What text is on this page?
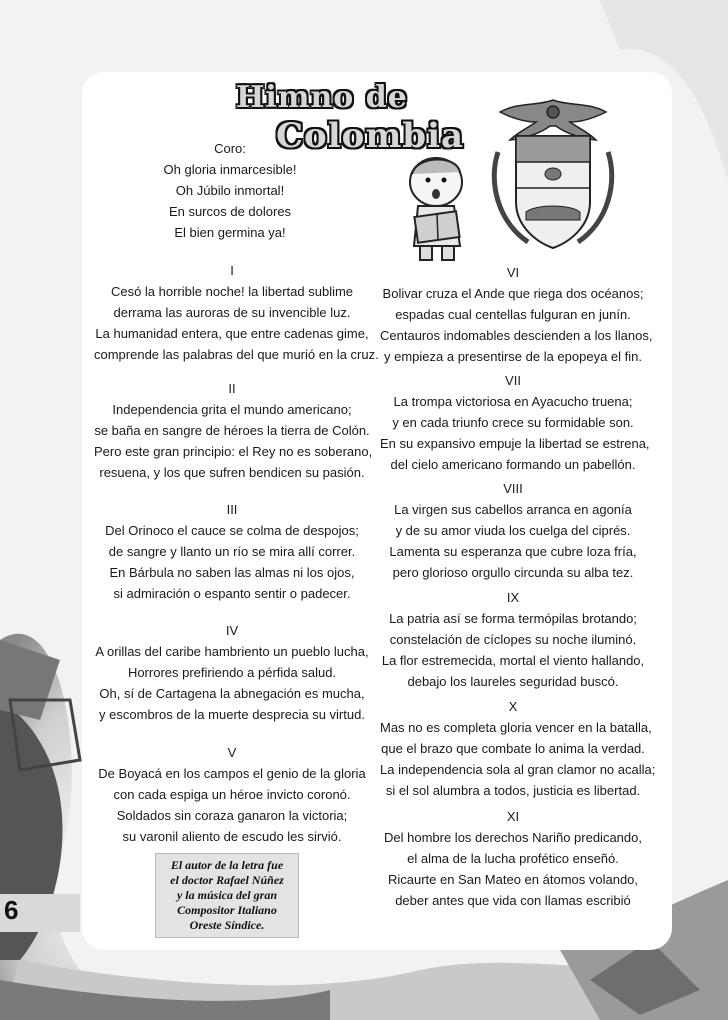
Himno de
Colombia
Coro:
Oh gloria inmarcesible!
Oh Júbilo inmortal!
En surcos de dolores
El bien germina ya!
I
Cesó la horrible noche! la libertad sublime
derrama las auroras de su invencible luz.
La humanidad entera, que entre cadenas gime,
comprende las palabras del que murió en la cruz.
II
Independencia grita el mundo americano;
se baña en sangre de héroes la tierra de Colón.
Pero este gran principio: el Rey no es soberano,
resuena, y los que sufren bendicen su pasión.
III
Del Orinoco el cauce se colma de despojos;
de sangre y llanto un río se mira allí correr.
En Bárbula no saben las almas ni los ojos,
si admiración o espanto sentir o padecer.
IV
A orillas del caribe hambriento un pueblo lucha,
Horrores prefiriendo a pérfida salud.
Oh, sí de Cartagena la abnegación es mucha,
y escombros de la muerte desprecia su virtud.
V
De Boyacá en los campos el genio de la gloria
con cada espiga un héroe invicto coronó.
Soldados sin coraza ganaron la victoria;
su varonil aliento de escudo les sirvió.
VI
Bolivar cruza el Ande que riega dos océanos;
espadas cual centellas fulguran en junín.
Centauros indomables descienden a los llanos,
y empieza a presentirse de la epopeya el fin.
VII
La trompa victoriosa en Ayacucho truena;
y en cada triunfo crece su formidable son.
En su expansivo empuje la libertad se estrena,
del cielo americano formando un pabellón.
VIII
La virgen sus cabellos arranca en agonía
y de su amor viuda los cuelga del ciprés.
Lamenta su esperanza que cubre loza fría,
pero glorioso orgullo circunda su alba tez.
IX
La patria así se forma termópilas brotando;
constelación de cíclopes su noche iluminó.
La flor estremecida, mortal el viento hallando,
debajo los laureles seguridad buscó.
X
Mas no es completa gloria vencer en la batalla,
que el brazo que combate lo anima la verdad.
La independencia sola al gran clamor no acalla;
si el sol alumbra a todos, justicia es libertad.
XI
Del hombre los derechos Nariño predicando,
el alma de la lucha profético enseñó.
Ricaurte en San Mateo en átomos volando,
deber antes que vida con llamas escribió
El autor de la letra fue
el doctor Rafael Núñez
y la música del gran
Compositor Italiano
Oreste Síndice.
6
